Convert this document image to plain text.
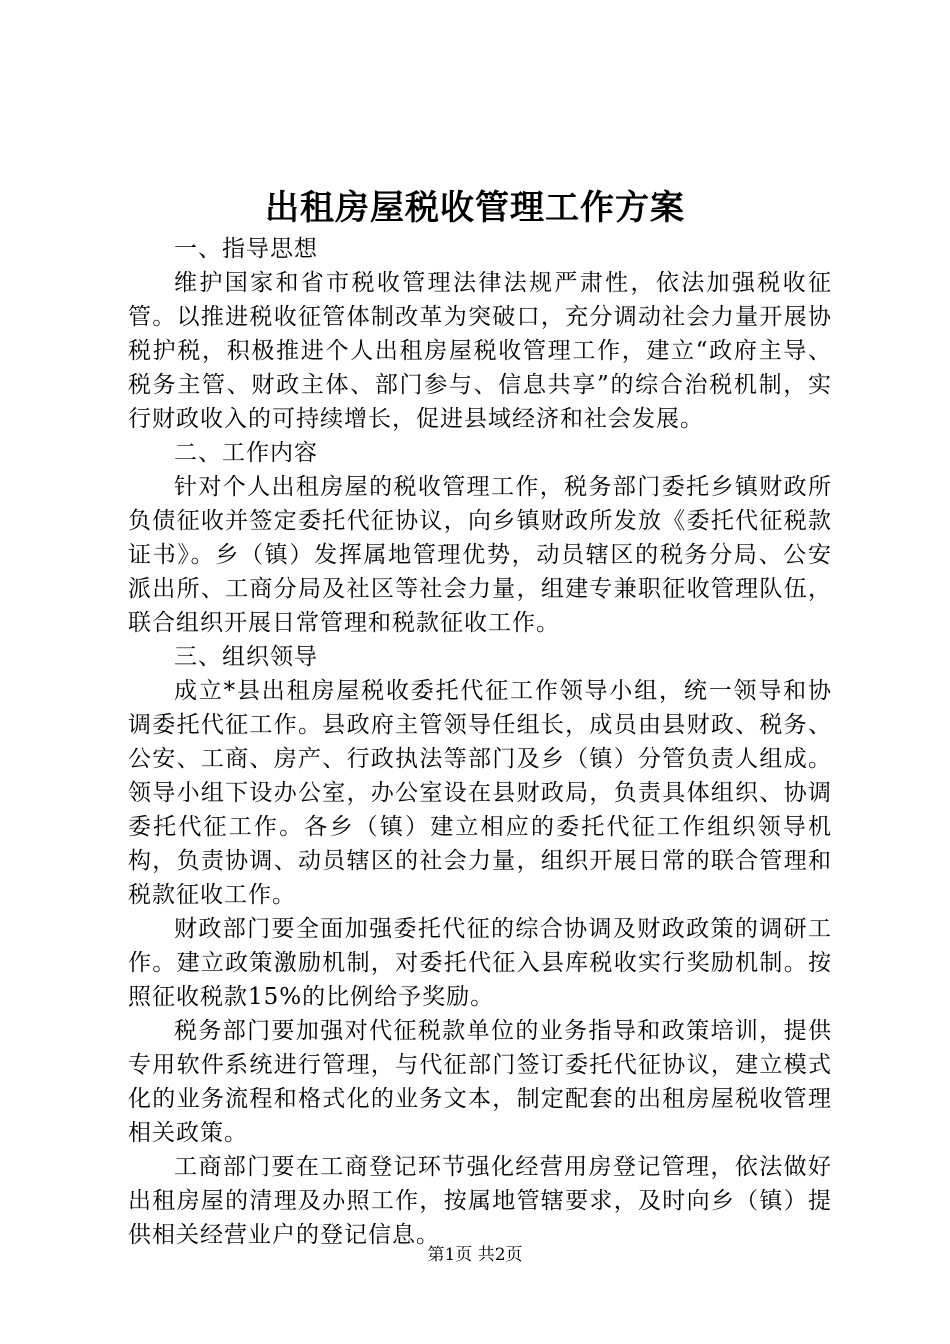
出租房屋税收管理工作方案

一、指导思想

维护国家和省市税收管理法律法规严肃性，依法加强税收征管。以推进税收征管体制改革为突破口，充分调动社会力量开展协税护税，积极推进个人出租房屋税收管理工作，建立“政府主导、税务主管、财政主体、部门参与、信息共享”的综合治税机制，实行财政收入的可持续增长，促进县域经济和社会发展。

二、工作内容

针对个人出租房屋的税收管理工作，税务部门委托乡镇财政所负债征收并签定委托代征协议，向乡镇财政所发放《委托代征税款证书》。乡（镇）发挥属地管理优势，动员辖区的税务分局、公安派出所、工商分局及社区等社会力量，组建专兼职征收管理队伍，联合组织开展日常管理和税款征收工作。

三、组织领导

成立*县出租房屋税收委托代征工作领导小组，统一领导和协调委托代征工作。县政府主管领导任组长，成员由县财政、税务、公安、工商、房产、行政执法等部门及乡（镇）分管负责人组成。领导小组下设办公室，办公室设在县财政局，负责具体组织、协调委托代征工作。各乡（镇）建立相应的委托代征工作组织领导机构，负责协调、动员辖区的社会力量，组织开展日常的联合管理和税款征收工作。

财政部门要全面加强委托代征的综合协调及财政政策的调研工作。建立政策激励机制，对委托代征入县库税收实行奖励机制。按照征收税款15%的比例给予奖励。

税务部门要加强对代征税款单位的业务指导和政策培训，提供专用软件系统进行管理，与代征部门签订委托代征协议，建立模式化的业务流程和格式化的业务文本，制定配套的出租房屋税收管理相关政策。

工商部门要在工商登记环节强化经营用房登记管理，依法做好出租房屋的清理及办照工作，按属地管辖要求，及时向乡（镇）提供相关经营业户的登记信息。

第1页 共2页
